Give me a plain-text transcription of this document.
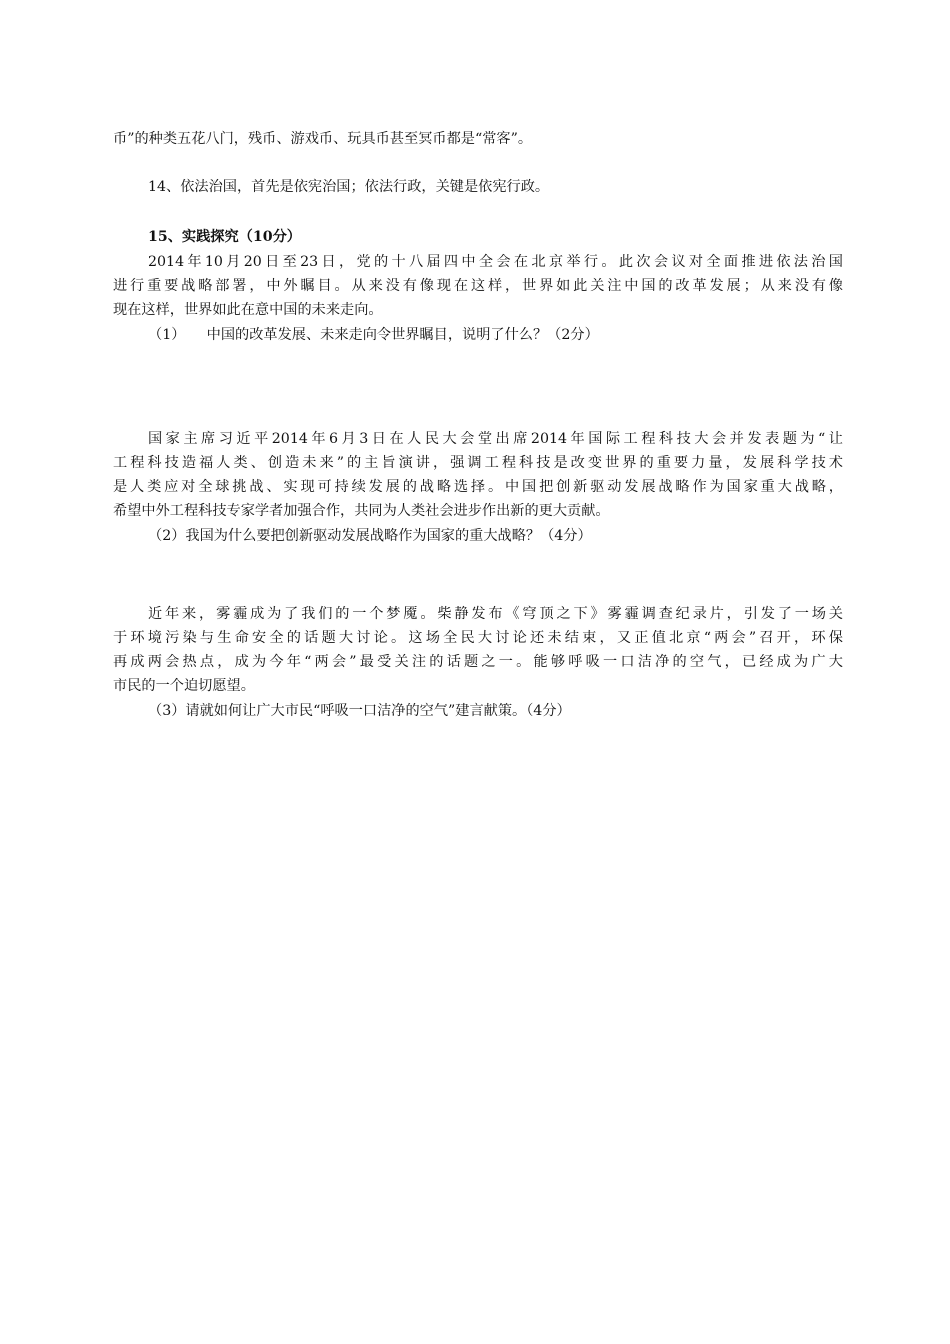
币”的种类五花八门，残币、游戏币、玩具币甚至冥币都是“常客”。
14、依法治国，首先是依宪治国；依法行政，关键是依宪行政。
15、实践探究（10分）
2014年10月20日至23日，党的十八届四中全会在北京举行。此次会议对全面推进依法治国
进行重要战略部署，中外瞩目。从来没有像现在这样，世界如此关注中国的改革发展；从来没有像
现在这样，世界如此在意中国的未来走向。
（1）　　中国的改革发展、未来走向令世界瞩目，说明了什么？（2分）
国家主席习近平2014年6月3日在人民大会堂出席2014年国际工程科技大会并发表题为“让
工程科技造福人类、创造未来”的主旨演讲，强调工程科技是改变世界的重要力量，发展科学技术
是人类应对全球挑战、实现可持续发展的战略选择。中国把创新驱动发展战略作为国家重大战略，
希望中外工程科技专家学者加强合作，共同为人类社会进步作出新的更大贡献。
（2）我国为什么要把创新驱动发展战略作为国家的重大战略？（4分）
近年来，雾霾成为了我们的一个梦魇。柴静发布《穹顶之下》雾霾调查纪录片，引发了一场关
于环境污染与生命安全的话题大讨论。这场全民大讨论还未结束，又正值北京“两会”召开，环保
再成两会热点，成为今年“两会”最受关注的话题之一。能够呼吸一口洁净的空气，已经成为广大
市民的一个迫切愿望。
（3）请就如何让广大市民“呼吸一口洁净的空气”建言献策。（4分）
